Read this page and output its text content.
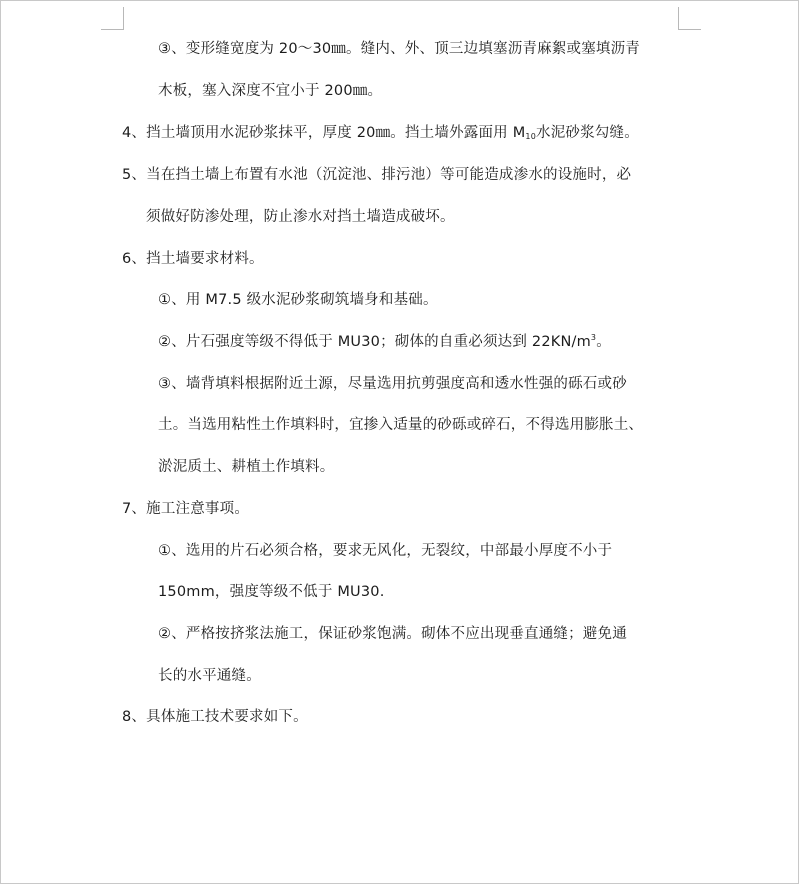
③、变形缝宽度为 20～30㎜。缝内、外、顶三边填塞沥青麻絮或塞填沥青
木板，塞入深度不宜小于 200㎜。
4、挡土墙顶用水泥砂浆抹平，厚度 20㎜。挡土墙外露面用 $M_{10}$水泥砂浆勾缝。
5、当在挡土墙上布置有水池（沉淀池、排污池）等可能造成渗水的设施时，必
须做好防渗处理，防止渗水对挡土墙造成破坏。
6、挡土墙要求材料。
①、用 M7.5 级水泥砂浆砌筑墙身和基础。
②、片石强度等级不得低于 MU30；砌体的自重必须达到 $22KN/m^3$。
③、墙背填料根据附近土源，尽量选用抗剪强度高和透水性强的砾石或砂
土。当选用粘性土作填料时，宜掺入适量的砂砾或碎石，不得选用膨胀土、
淤泥质土、耕植土作填料。
7、施工注意事项。
①、选用的片石必须合格，要求无风化，无裂纹，中部最小厚度不小于
150mm，强度等级不低于 MU30.
②、严格按挤浆法施工，保证砂浆饱满。砌体不应出现垂直通缝；避免通
长的水平通缝。
8、具体施工技术要求如下。
